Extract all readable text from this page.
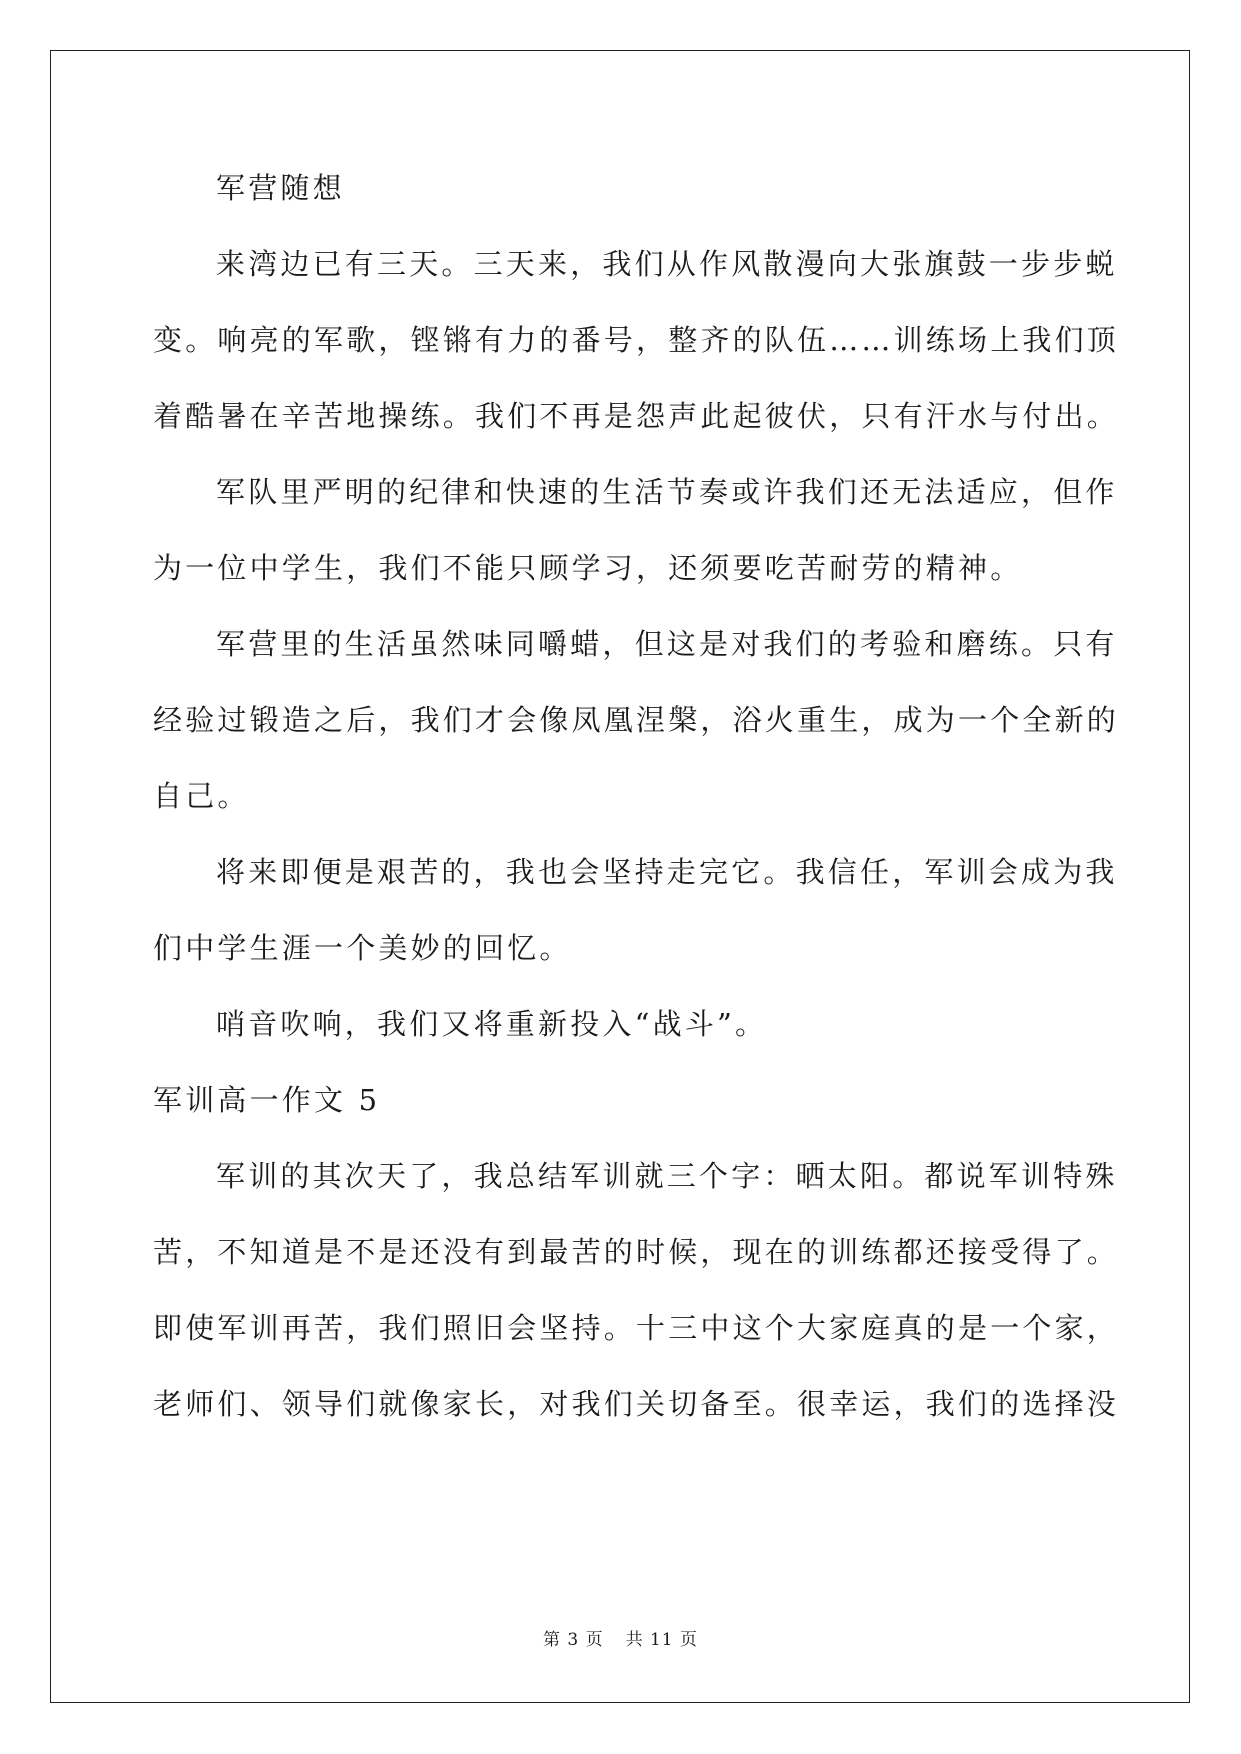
军营随想
来湾边已有三天。三天来，我们从作风散漫向大张旗鼓一步步蜕
变。响亮的军歌，铿锵有力的番号，整齐的队伍……训练场上我们顶
着酷暑在辛苦地操练。我们不再是怨声此起彼伏，只有汗水与付出。
军队里严明的纪律和快速的生活节奏或许我们还无法适应，但作
为一位中学生，我们不能只顾学习，还须要吃苦耐劳的精神。
军营里的生活虽然味同嚼蜡，但这是对我们的考验和磨练。只有
经验过锻造之后，我们才会像凤凰涅槃，浴火重生，成为一个全新的
自己。
将来即便是艰苦的，我也会坚持走完它。我信任，军训会成为我
们中学生涯一个美妙的回忆。
哨音吹响，我们又将重新投入“战斗”。
军训高一作文 5
军训的其次天了，我总结军训就三个字：晒太阳。都说军训特殊
苦，不知道是不是还没有到最苦的时候，现在的训练都还接受得了。
即使军训再苦，我们照旧会坚持。十三中这个大家庭真的是一个家，
老师们、领导们就像家长，对我们关切备至。很幸运，我们的选择没
第 3 页 共 11 页
